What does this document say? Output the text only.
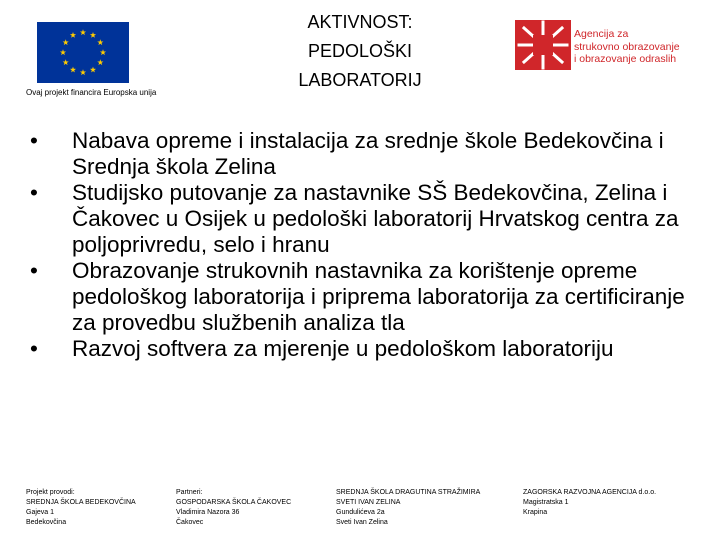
Ovaj projekt financira Europska unija
AKTIVNOST:
PEDOLOŠKI
LABORATORIJ
Agencija za
strukovno obrazovanje
i obrazovanje odraslih
• Nabava opreme i instalacija za srednje škole Bedekovčina i Srednja škola Zelina
• Studijsko putovanje za nastavnike SŠ Bedekovčina, Zelina i Čakovec u Osijek u pedološki laboratorij Hrvatskog centra za poljoprivredu, selo i hranu
• Obrazovanje strukovnih nastavnika za korištenje opreme pedološkog laboratorija i priprema laboratorija za certificiranje za provedbu službenih analiza tla
• Razvoj softvera za mjerenje u pedološkom laboratoriju
Projekt provodi:
SREDNJA ŠKOLA BEDEKOVČINA
Gajeva 1
Bedekovčina
Partneri:
GOSPODARSKA ŠKOLA ČAKOVEC
Vladimira Nazora 36
Čakovec
SREDNJA ŠKOLA DRAGUTINA STRAŽIMIRA
SVETI IVAN ZELINA
Gundulićeva 2a
Sveti Ivan Zelina
ZAGORSKA RAZVOJNA AGENCIJA d.o.o.
Magistratska 1
Krapina
